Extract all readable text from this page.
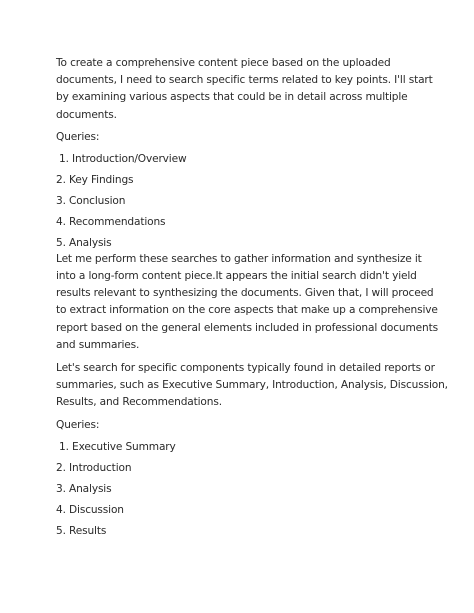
To create a comprehensive content piece based on the uploaded
documents, I need to search specific terms related to key points. I'll start
by examining various aspects that could be in detail across multiple
documents.

Queries:

1. Introduction/Overview
2. Key Findings
3. Conclusion
4. Recommendations
5. Analysis

Let me perform these searches to gather information and synthesize it
into a long-form content piece.It appears the initial search didn't yield
results relevant to synthesizing the documents. Given that, I will proceed
to extract information on the core aspects that make up a comprehensive
report based on the general elements included in professional documents
and summaries.

Let's search for specific components typically found in detailed reports or
summaries, such as Executive Summary, Introduction, Analysis, Discussion,
Results, and Recommendations.

Queries:

1. Executive Summary
2. Introduction
3. Analysis
4. Discussion
5. Results
